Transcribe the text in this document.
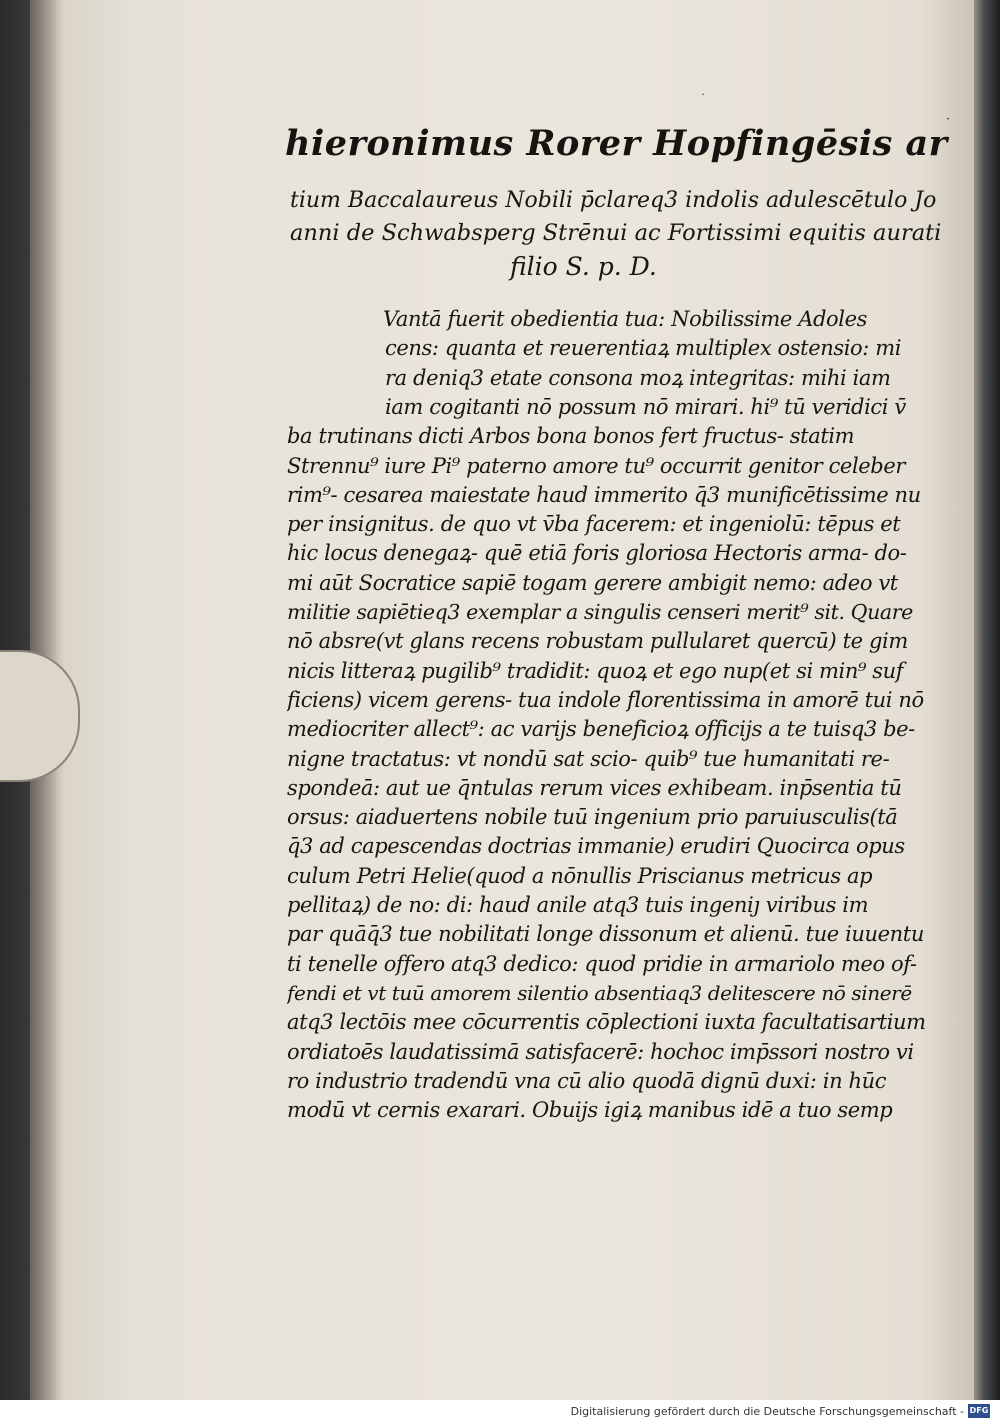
·
˙
hieronimus Rorer Hopfingēsis ar
tium Baccalaureus Nobili p̄clareq3 indolis adulescētulo Jo
anni de Schwabsperg Strēnui ac Fortissimi equitis aurati
filio S. p. D.
Vantā fuerit obedientia tua: Nobilissime Adoles
cens: quanta et reuerentiaꝝ multiplex ostensio: mi
ra deniq3 etate consona moꝝ integritas: mihi iam
iam cogitanti nō possum nō mirari. hi⁹ tū veridici v̄
ba trutinans dicti Arbos bona bonos fert fructus- statim
Strennu⁹ iure Pi⁹ paterno amore tu⁹ occurrit genitor celeber
rim⁹- cesarea maiestate haud immerito q̄3 munificētissime nu
per insignitus. de quo vt v̄ba facerem: et ingeniolū: tēpus et
hic locus denegaꝝ- quē etiā foris gloriosa Hectoris arma- do-
mi aūt Socratice sapiē togam gerere ambigit nemo: adeo vt
militie sapiētieq3 exemplar a singulis censeri merit⁹ sit. Quare
nō absre(vt glans recens robustam pullularet quercū) te gim
nicis litteraꝝ pugilib⁹ tradidit: quoꝝ et ego nup(et si min⁹ suf
ficiens) vicem gerens- tua indole florentissima in amorē tui nō
mediocriter allect⁹: ac varijs beneficioꝝ officijs a te tuisq3 be-
nigne tractatus: vt nondū sat scio- quib⁹ tue humanitati re-
spondeā: aut ue q̄ntulas rerum vices exhibeam. inp̄sentia tū
orsus: aiaduertens nobile tuū ingenium prio paruiusculis(tā
q̄3 ad capescendas doctrias immanie) erudiri Quocirca opus
culum Petri Helie(quod a nōnullis Priscianus metricus ap
pellitaꝝ) de no: di: haud anile atq3 tuis ingeniȷ viribus im
par quāq̄3 tue nobilitati longe dissonum et alienū. tue iuuentu
ti tenelle offero atq3 dedico: quod pridie in armariolo meo of-
fendi et vt tuū amorem silentio absentiaq3 delitescere nō sinerē
atq3 lectōis mee cōcurrentis cōplectioni iuxta facultatisartium
ordiatoēs laudatissimā satisfacerē: hochoc imp̄ssori nostro vi
ro industrio tradendū vna cū alio quodā dignū duxi: in hūc
modū vt cernis exarari. Obuijs igiꝝ manibus idē a tuo semp
Digitalisierung gefördert durch die Deutsche Forschungsgemeinschaft - DFG
